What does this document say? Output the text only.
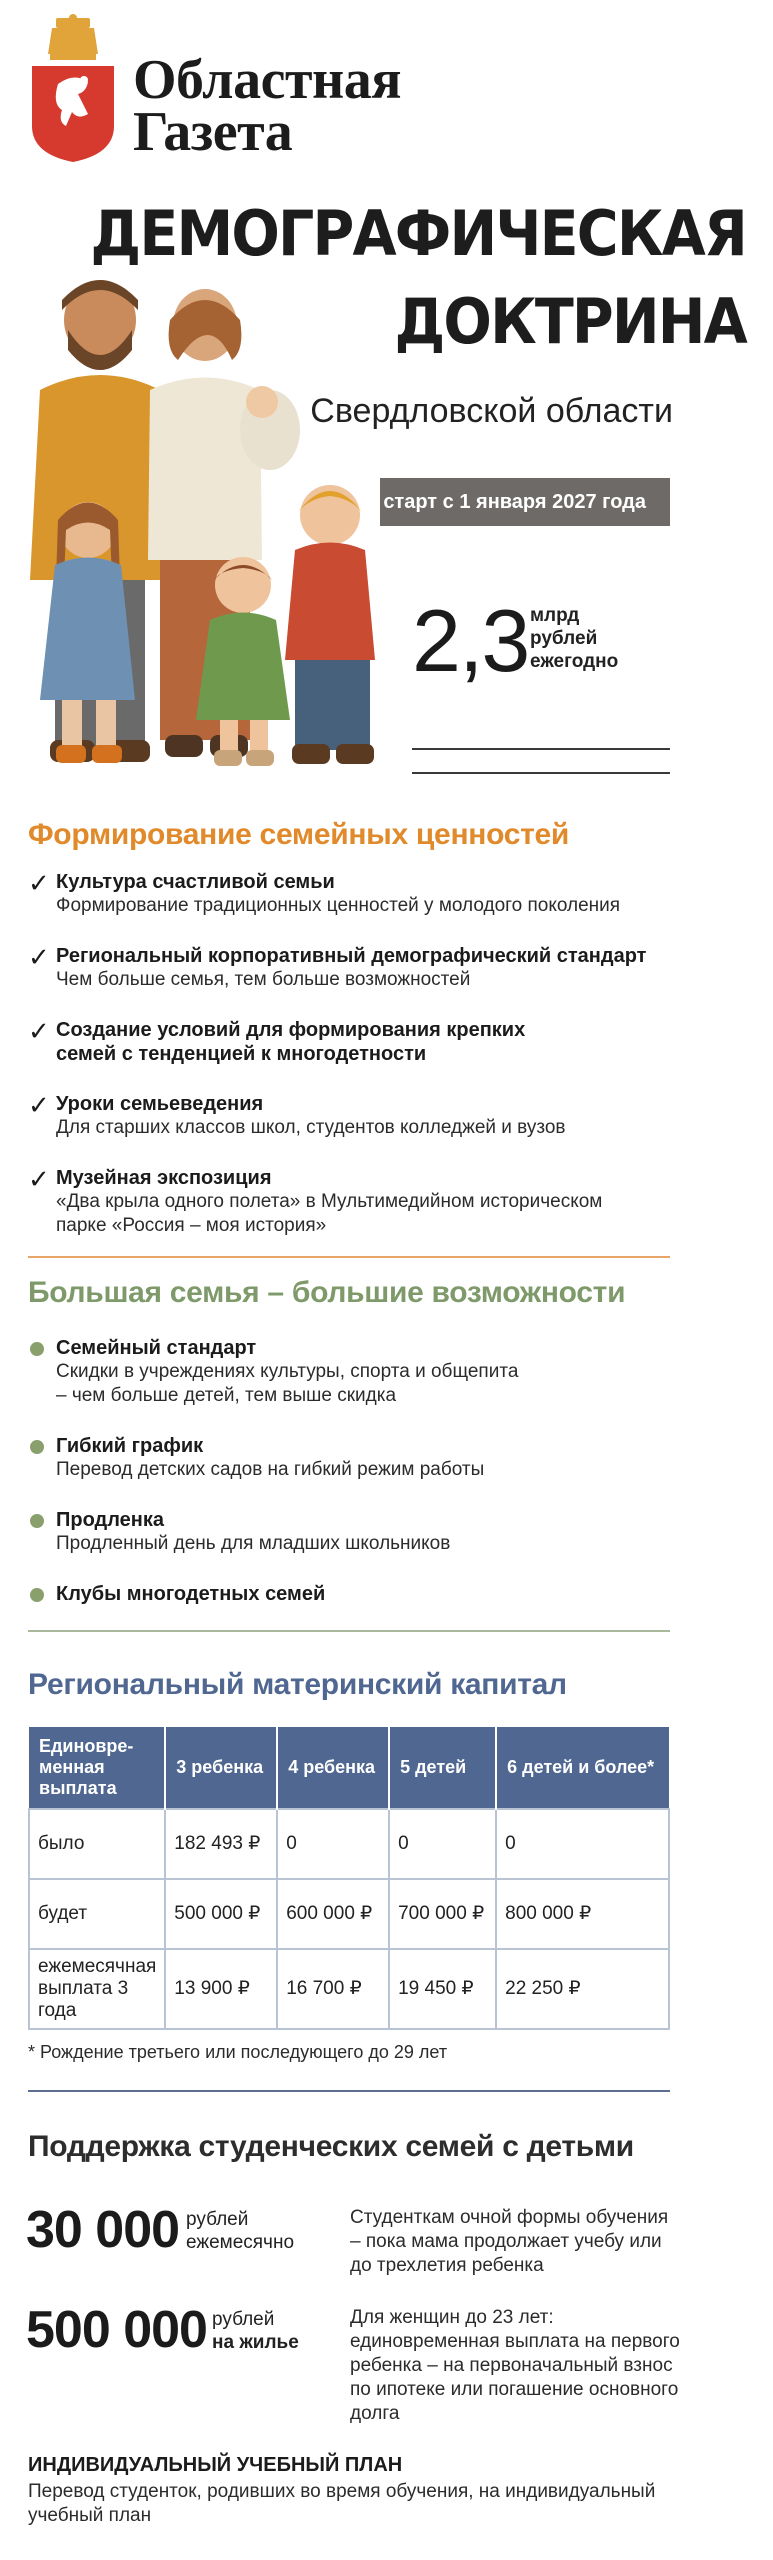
Областная
Газета
ДЕМОГРАФИЧЕСКАЯ
ДОКТРИНА
Свердловской области
старт с 1 января 2027 года
2,3 млрд
рублей
ежегодно
Формирование семейных ценностей
✓ Культура счастливой семьи
Формирование традиционных ценностей у молодого поколения
✓ Региональный корпоративный демографический стандарт
Чем больше семья, тем больше возможностей
✓ Создание условий для формирования крепких семей с тенденцией к многодетности
✓ Уроки семьеведения
Для старших классов школ, студентов колледжей и вузов
✓ Музейная экспозиция
«Два крыла одного полета» в Мультимедийном историческом парке «Россия – моя история»
Большая семья – большие возможности
Семейный стандарт
Скидки в учреждениях культуры, спорта и общепита – чем больше детей, тем выше скидка
Гибкий график
Перевод детских садов на гибкий режим работы
Продленка
Продленный день для младших школьников
Клубы многодетных семей
Региональный материнский капитал
Единовре-менная выплата	3 ребенка	4 ребенка	5 детей	6 детей и более*
было	182 493 ₽	0	0	0
будет	500 000 ₽	600 000 ₽	700 000 ₽	800 000 ₽
ежемесячная выплата 3 года	13 900 ₽	16 700 ₽	19 450 ₽	22 250 ₽
* Рождение третьего или последующего до 29 лет
Поддержка студенческих семей с детьми
30 000 рублей
ежемесячно
Студенткам очной формы обучения – пока мама продолжает учебу или до трехлетия ребенка
500 000 рублей
на жилье
Для женщин до 23 лет: единовременная выплата на первого ребенка – на первоначальный взнос по ипотеке или погашение основного долга
ИНДИВИДУАЛЬНЫЙ УЧЕБНЫЙ ПЛАН
Перевод студенток, родивших во время обучения, на индивидуальный учебный план
